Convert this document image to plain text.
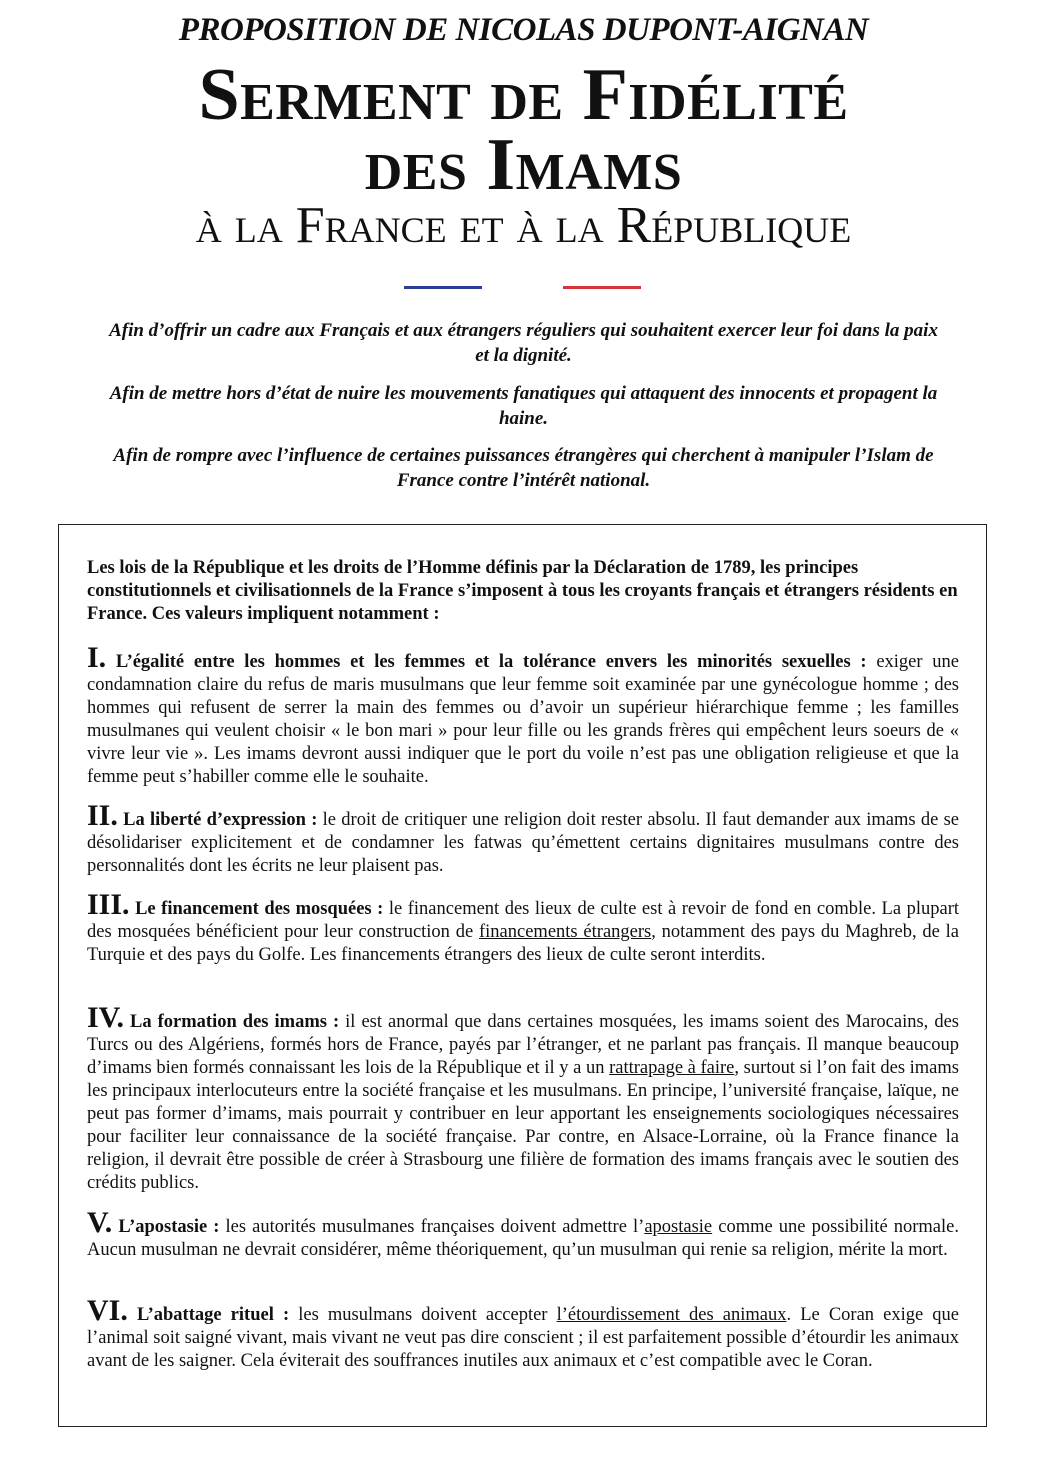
PROPOSITION DE NICOLAS DUPONT-AIGNAN
Serment de Fidélité
des Imams
à la France et à la République
Afin d’offrir un cadre aux Français et aux étrangers réguliers qui souhaitent exercer leur foi dans la paix et la dignité.
Afin de mettre hors d’état de nuire les mouvements fanatiques qui attaquent des innocents et propagent la haine.
Afin de rompre avec l’influence de certaines puissances étrangères qui cherchent à manipuler l’Islam de France contre l’intérêt national.
Les lois de la République et les droits de l’Homme définis par la Déclaration de 1789, les principes constitutionnels et civilisationnels de la France s’imposent à tous les croyants français et étrangers résidents en France. Ces valeurs impliquent notamment :
I. L’égalité entre les hommes et les femmes et la tolérance envers les minorités sexuelles : exiger une condamnation claire du refus de maris musulmans que leur femme soit examinée par une gynécologue homme ; des hommes qui refusent de serrer la main des femmes ou d’avoir un supérieur hiérarchique femme ; les familles musulmanes qui veulent choisir « le bon mari » pour leur fille ou les grands frères qui empêchent leurs soeurs de « vivre leur vie ». Les imams devront aussi indiquer que le port du voile n’est pas une obligation religieuse et que la femme peut s’habiller comme elle le souhaite.
II. La liberté d’expression : le droit de critiquer une religion doit rester absolu. Il faut demander aux imams de se désolidariser explicitement et de condamner les fatwas qu’émettent certains dignitaires musulmans contre des personnalités dont les écrits ne leur plaisent pas.
III. Le financement des mosquées : le financement des lieux de culte est à revoir de fond en comble. La plupart des mosquées bénéficient pour leur construction de financements étrangers, notamment des pays du Maghreb, de la Turquie et des pays du Golfe. Les financements étrangers des lieux de culte seront interdits.
IV. La formation des imams : il est anormal que dans certaines mosquées, les imams soient des Marocains, des Turcs ou des Algériens, formés hors de France, payés par l’étranger, et ne parlant pas français. Il manque beaucoup d’imams bien formés connaissant les lois de la République et il y a un rattrapage à faire, surtout si l’on fait des imams les principaux interlocuteurs entre la société française et les musulmans. En principe, l’université française, laïque, ne peut pas former d’imams, mais pourrait y contribuer en leur apportant les enseignements sociologiques nécessaires pour faciliter leur connaissance de la société française. Par contre, en Alsace-Lorraine, où la France finance la religion, il devrait être possible de créer à Strasbourg une filière de formation des imams français avec le soutien des crédits publics.
V. L’apostasie : les autorités musulmanes françaises doivent admettre l’apostasie comme une possibilité normale. Aucun musulman ne devrait considérer, même théoriquement, qu’un musulman qui renie sa religion, mérite la mort.
VI. L’abattage rituel : les musulmans doivent accepter l’étourdissement des animaux. Le Coran exige que l’animal soit saigné vivant, mais vivant ne veut pas dire conscient ; il est parfaitement possible d’étourdir les animaux avant de les saigner. Cela éviterait des souffrances inutiles aux animaux et c’est compatible avec le Coran.
